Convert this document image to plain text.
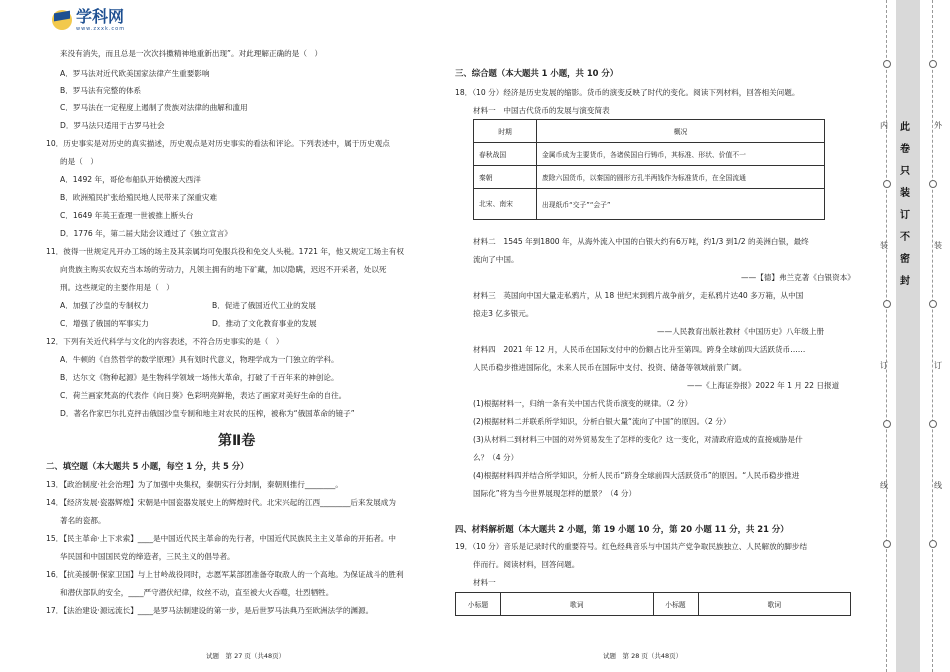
学科网
www.zxxk.com
来没有消失，而且总是一次次抖擞精神地重新出现”。对此理解正确的是（　）
A．罗马法对近代欧美国家法律产生重要影响
B．罗马法有完整的体系
C．罗马法在一定程度上遏制了贵族对法律的曲解和滥用
D．罗马法只适用于古罗马社会
10．历史事实是对历史的真实描述，历史观点是对历史事实的看法和评论。下列表述中，属于历史观点
的是（　）
A．1492 年，哥伦布船队开始横渡大西洋
B．欧洲殖民扩张给殖民地人民带来了深重灾难
C．1649 年英王查理一世被推上断头台
D．1776 年，第二届大陆会议通过了《独立宣言》
11．彼得一世规定凡开办工场的场主及其亲属均可免服兵役和免交人头税。1721 年，他又规定工场主有权
向贵族主购买农奴充当本场的劳动力，凡领主拥有的地下矿藏，加以隐瞒，迟迟不开采者，处以死
刑。这些规定的主要作用是（　）
A．加强了沙皇的专制权力	B．促进了俄国近代工业的发展
C．增强了俄国的军事实力	D．推动了文化教育事业的发展
12．下列有关近代科学与文化的内容表述，不符合历史事实的是（　）
A．牛顿的《自然哲学的数学原理》具有划时代意义，物理学成为一门独立的学科。
B．达尔文《物种起源》是生物科学领域一场伟大革命，打破了千百年来的神创论。
C．荷兰画家梵高的代表作《向日葵》色彩明亮鲜艳，表达了画家对美好生命的自往。
D．著名作家巴尔扎克抨击俄国沙皇专制和地主对农民的压榨，被称为“俄国革命的镜子”
第Ⅱ卷
二、填空题（本大题共 5 小题，每空 1 分，共 5 分）
13．【政治制度·社会治理】为了加强中央集权，秦朝实行分封制，秦朝则推行________。
14．【经济发展·瓷器辉煌】宋朝是中国瓷器发展史上的辉煌时代。北宋兴起的江西________后来发展成为
著名的瓷都。
15．【民主革命·上下求索】____是中国近代民主革命的先行者，中国近代民族民主主义革命的开拓者。中
华民国和中国国民党的缔造者，三民主义的倡导者。
16．【抗美援朝·保家卫国】与上甘岭战役同时，志愿军某部团准备夺取敌人的一个高地。为保证战斗的胜利
和潜伏部队的安全，____严守潜伏纪律，纹丝不动，直至被大火吞噬，壮烈牺牲。
17．【法治建设·源远流长】____是罗马法制建设的第一步，是后世罗马法典乃至欧洲法学的渊源。
试题　第 27 页（共48页）
三、综合题（本大题共 1 小题，共 10 分）
18．（10 分）经济是历史发展的缩影。货币的演变反映了时代的变化。阅读下列材料，回答相关问题。
材料一　中国古代货币的发展与演变简表
时期	概况
春秋战国	金属币成为主要货币，各诸侯国自行铸币，其标准、形状、价值不一
秦朝	废除六国货币，以秦国的圆形方孔半两钱作为标准货币，在全国流通
北宋、南宋	出现纸币“交子”“会子”
材料二　1545 年到1800 年，从海外流入中国的白银大约有6万吨，约1/3 到1/2 的美洲白银，最终
流向了中国。
——【德】弗兰克著《白银资本》
材料三　英国向中国大量走私鸦片，从 18 世纪末到鸦片战争前夕，走私鸦片达40 多万箱，从中国
掠走3 亿多银元。
——人民教育出版社教材《中国历史》八年级上册
材料四　2021 年 12 月，人民币在国际支付中的份额占比升至第四。跨身全球前四大活跃货币……
人民币稳步推进国际化，未来人民币在国际中支付、投资、储备等领域前景广阔。
——《上海证券报》2022 年 1 月 22 日报道
(1)根据材料一，归纳一条有关中国古代货币演变的规律。（2 分）
(2)根据材料二并联系所学知识，分析白银大量“流向了中国”的原因。（2 分）
(3)从材料二到材料三中国的对外贸易发生了怎样的变化？这一变化，对清政府造成的直接威胁是什
么？（4 分）
(4)根据材料四并结合所学知识，分析人民币“跻身全球前四大活跃货币”的原因。“人民币稳步推进
国际化”将为当今世界展现怎样的愿景？（4 分）
四、材料解析题（本大题共 2 小题，第 19 小题 10 分，第 20 小题 11 分，共 21 分）
19．（10 分）音乐是记录时代的重要符号。红色经典音乐与中国共产党争取民族独立、人民解放的脚步结
伴而行。阅读材料，回答问题。
材料一
小标题	歌词	小标题	歌词
试题　第 28 页（共48页）
内
装
订
线
外
装
订
线
此
卷
只
装
订
不
密
封
